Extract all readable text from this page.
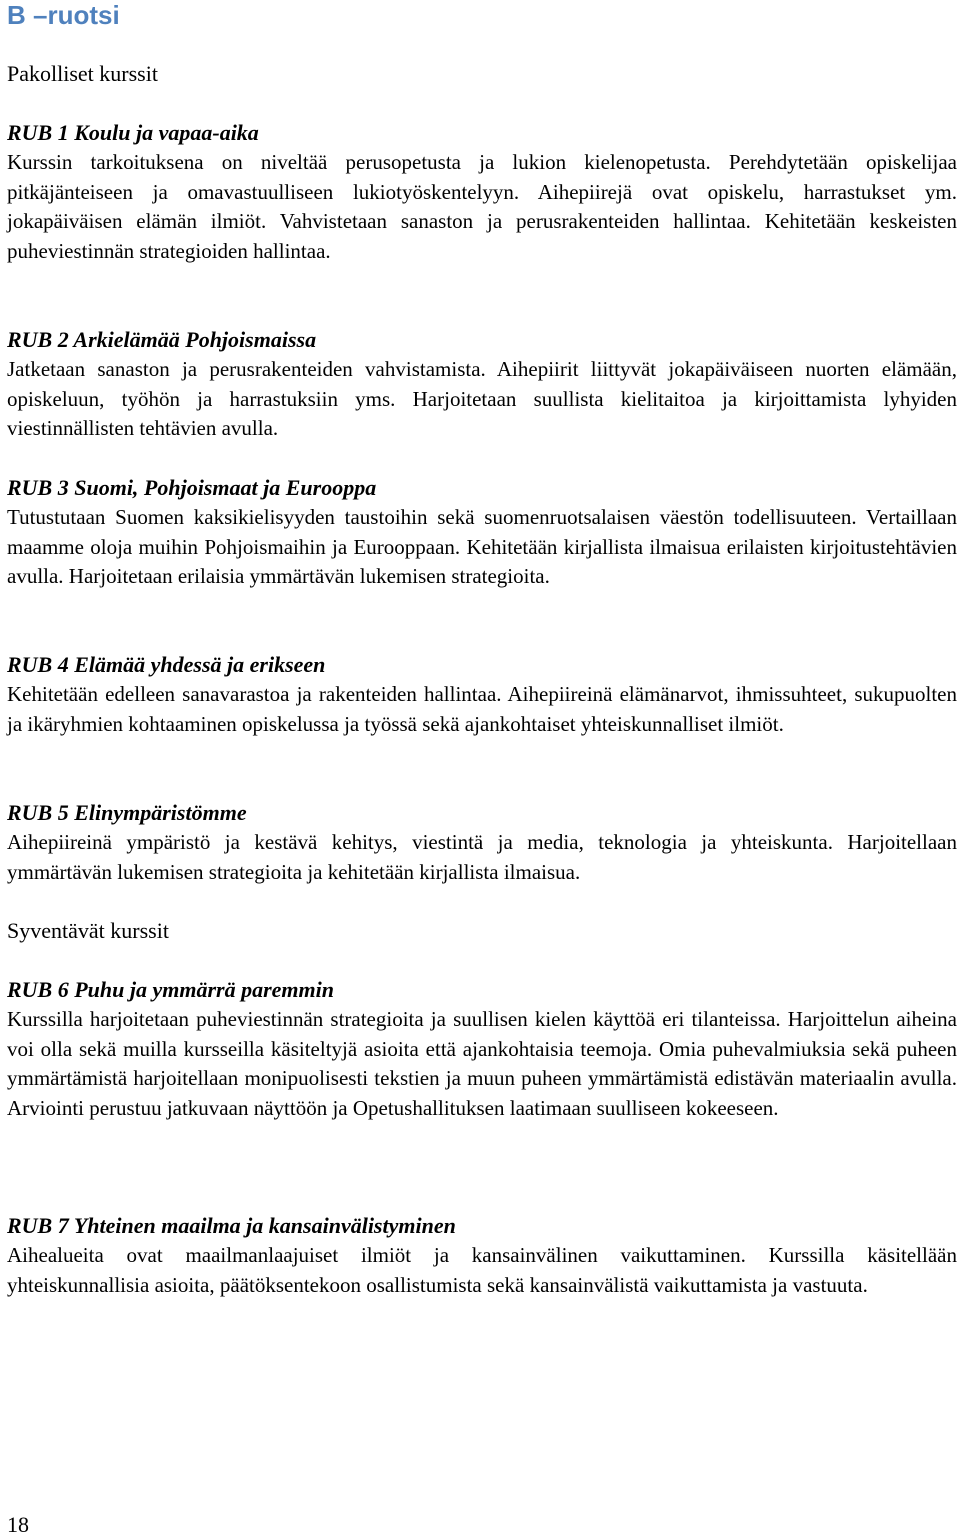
B –ruotsi
Pakolliset kurssit

RUB 1 Koulu ja vapaa-aika

Kurssin tarkoituksena on niveltää perusopetusta ja lukion kielenopetusta. Perehdytetään opiskelijaa pitkäjänteiseen ja omavastuulliseen lukiotyöskentelyyn. Aihepiirejä ovat opiskelu, harrastukset ym. jokapäiväisen elämän ilmiöt. Vahvistetaan sanaston ja perusrakenteiden hallintaa. Kehitetään keskeisten puheviestinnän strategioiden hallintaa.

RUB 2 Arkielämää Pohjoismaissa

Jatketaan sanaston ja perusrakenteiden vahvistamista. Aihepiirit liittyvät jokapäiväiseen nuorten elämään, opiskeluun, työhön ja harrastuksiin yms. Harjoitetaan suullista kielitaitoa ja kirjoittamista lyhyiden viestinnällisten tehtävien avulla.

RUB 3 Suomi, Pohjoismaat ja Eurooppa

Tutustutaan Suomen kaksikielisyyden taustoihin sekä suomenruotsalaisen väestön todellisuuteen. Vertaillaan maamme oloja muihin Pohjoismaihin ja Eurooppaan. Kehitetään kirjallista ilmaisua erilaisten kirjoitustehtävien avulla. Harjoitetaan erilaisia ymmärtävän lukemisen strategioita.

RUB 4 Elämää yhdessä ja erikseen

Kehitetään edelleen sanavarastoa ja rakenteiden hallintaa. Aihepiireinä elämänarvot, ihmissuhteet, sukupuolten ja ikäryhmien kohtaaminen opiskelussa ja työssä sekä ajankohtaiset yhteiskunnalliset ilmiöt.

RUB 5 Elinympäristömme

Aihepiireinä ympäristö ja kestävä kehitys, viestintä ja media, teknologia ja yhteiskunta. Harjoitellaan ymmärtävän lukemisen strategioita ja kehitetään kirjallista ilmaisua.

Syventävät kurssit

RUB 6 Puhu ja ymmärrä paremmin

Kurssilla harjoitetaan puheviestinnän strategioita ja suullisen kielen käyttöä eri tilanteissa. Harjoittelun aiheina voi olla sekä muilla kursseilla käsiteltyjä asioita että ajankohtaisia teemoja. Omia puhevalmiuksia sekä puheen ymmärtämistä harjoitellaan monipuolisesti tekstien ja muun puheen ymmärtämistä edistävän materiaalin avulla. Arviointi perustuu jatkuvaan näyttöön ja Opetushallituksen laatimaan suulliseen kokeeseen.

RUB 7 Yhteinen maailma ja kansainvälistyminen

Aihealueita ovat maailmanlaajuiset ilmiöt ja kansainvälinen vaikuttaminen. Kurssilla käsitellään yhteiskunnallisia asioita, päätöksentekoon osallistumista sekä kansainvälistä vaikuttamista ja vastuuta.

18
